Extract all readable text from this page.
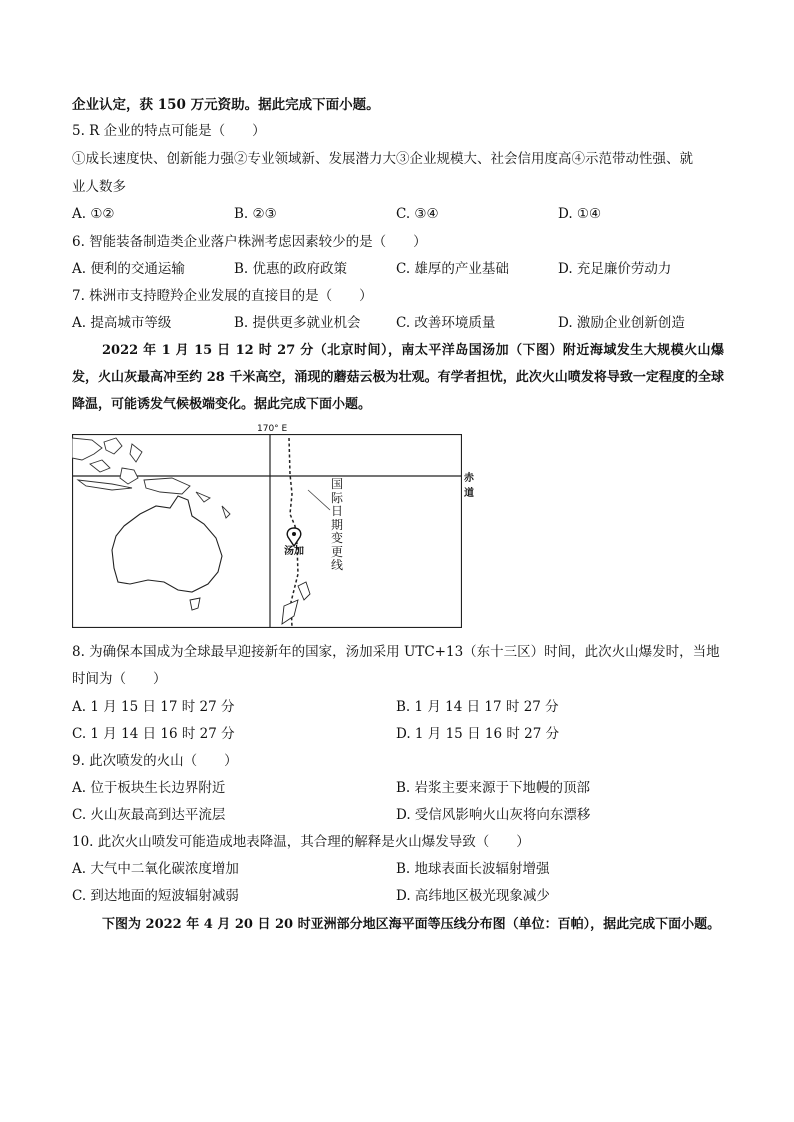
企业认定，获 150 万元资助。据此完成下面小题。
5. R 企业的特点可能是（　　）
①成长速度快、创新能力强②专业领域新、发展潜力大③企业规模大、社会信用度高④示范带动性强、就
业人数多
A. ①②	B. ②③	C. ③④	D. ①④
6. 智能装备制造类企业落户株洲考虑因素较少的是（　　）
A. 便利的交通运输	B. 优惠的政府政策	C. 雄厚的产业基础	D. 充足廉价劳动力
7. 株洲市支持瞪羚企业发展的直接目的是（　　）
A. 提高城市等级	B. 提供更多就业机会	C. 改善环境质量	D. 激励企业创新创造

2022 年 1 月 15 日 12 时 27 分（北京时间），南太平洋岛国汤加（下图）附近海域发生大规模火山爆发，火山灰最高冲至约 28 千米高空，涌现的蘑菇云极为壮观。有学者担忧，此次火山喷发将导致一定程度的全球降温，可能诱发气候极端变化。据此完成下面小题。

170° E
赤道
汤加
国
际
日
期
变
更
线
8. 为确保本国成为全球最早迎接新年的国家，汤加采用 UTC+13（东十三区）时间，此次火山爆发时，当地
时间为（　　）
A. 1 月 15 日 17 时 27 分	B. 1 月 14 日 17 时 27 分
C. 1 月 14 日 16 时 27 分	D. 1 月 15 日 16 时 27 分
9. 此次喷发的火山（　　）
A. 位于板块生长边界附近	B. 岩浆主要来源于下地幔的顶部
C. 火山灰最高到达平流层	D. 受信风影响火山灰将向东漂移
10. 此次火山喷发可能造成地表降温，其合理的解释是火山爆发导致（　　）
A. 大气中二氧化碳浓度增加	B. 地球表面长波辐射增强
C. 到达地面的短波辐射减弱	D. 高纬地区极光现象减少

下图为 2022 年 4 月 20 日 20 时亚洲部分地区海平面等压线分布图（单位：百帕），据此完成下面小题。
